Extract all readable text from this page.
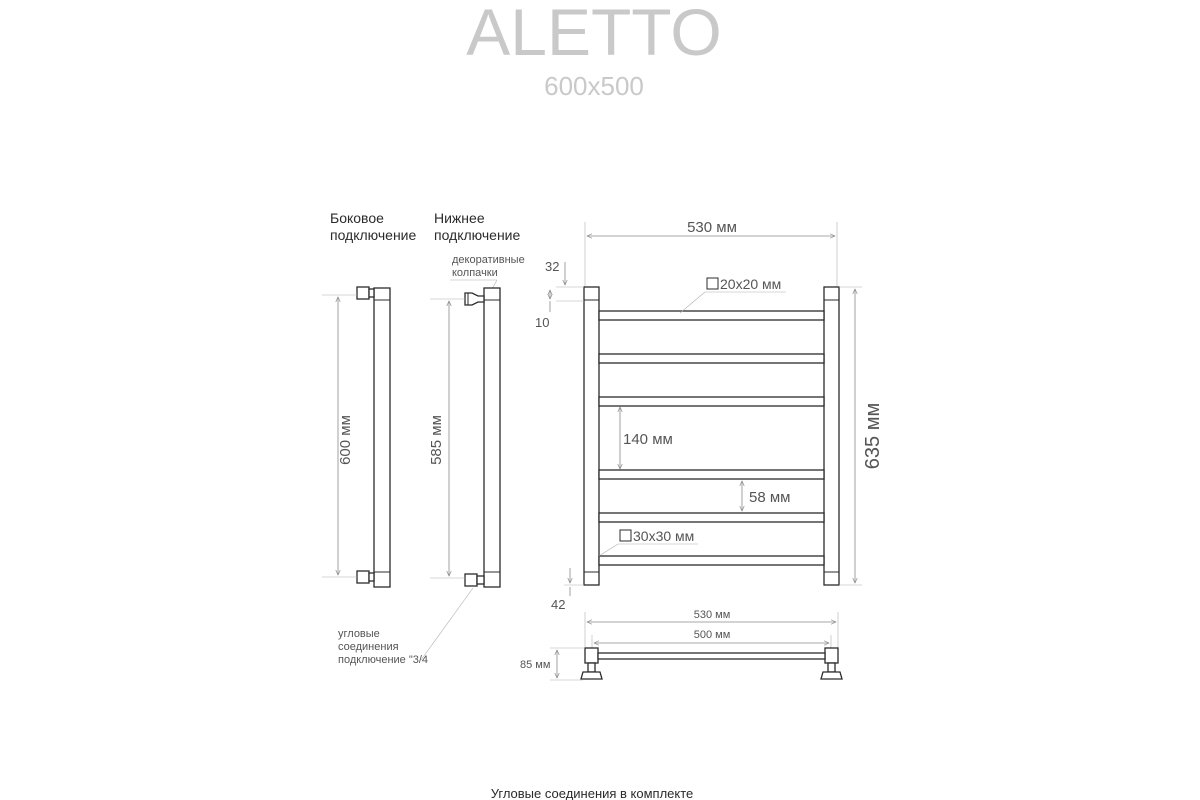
ALETTO
600x500
Боковое
подключение
600 мм
Нижнее
подключение
декоративные
колпачки
585 мм
угловые
соединения
подключение "3/4
530 мм
32
10
20x20 мм
140 мм
58 мм
30x30 мм
42
635 мм
530 мм
500 мм
85 мм
Угловые соединения в комплекте
